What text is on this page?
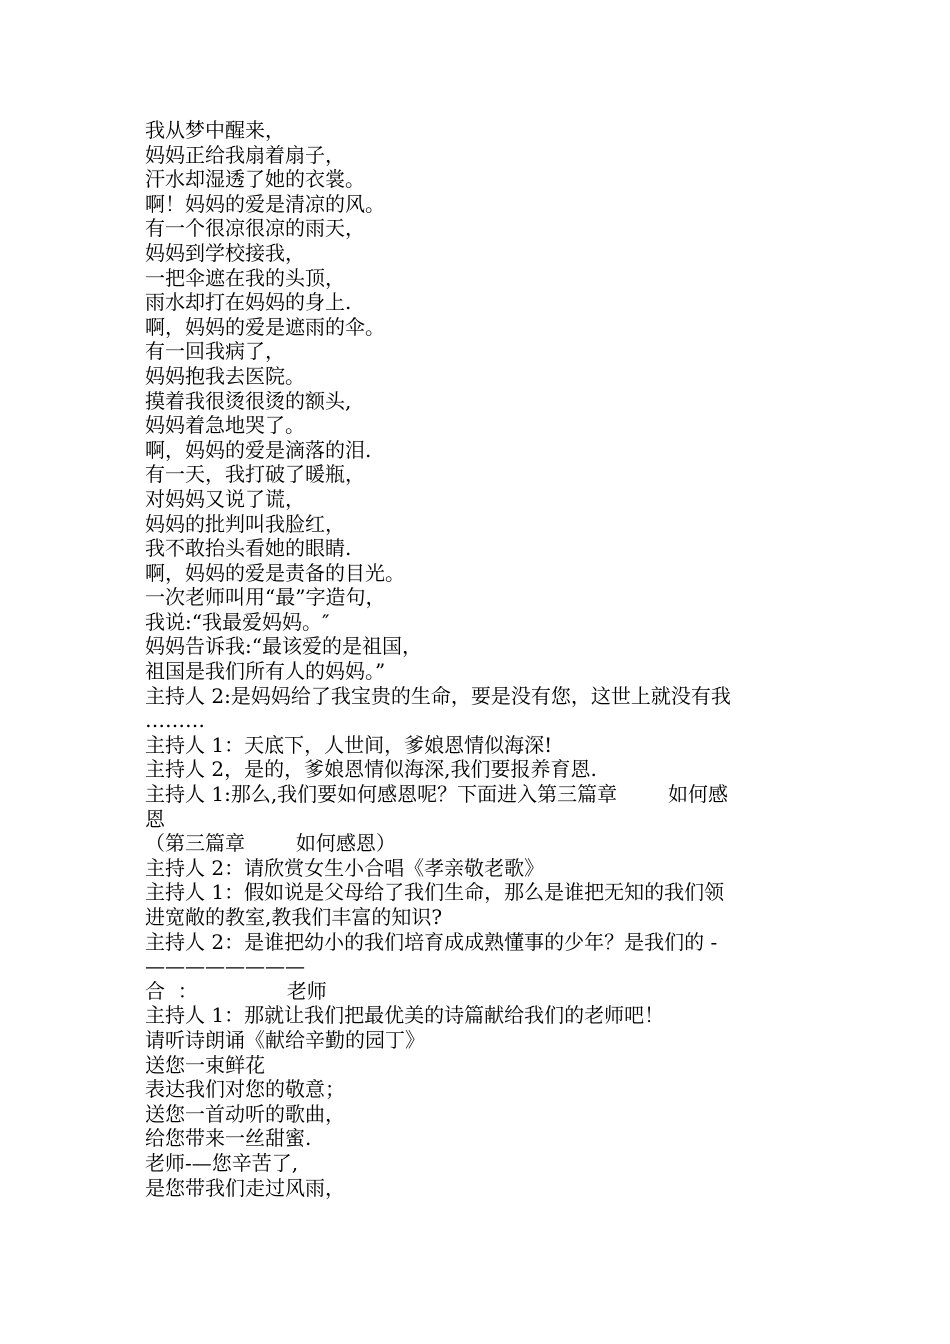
我从梦中醒来，
妈妈正给我扇着扇子，
汗水却湿透了她的衣裳。
啊！妈妈的爱是清凉的风。
有一个很凉很凉的雨天，
妈妈到学校接我，
一把伞遮在我的头顶，
雨水却打在妈妈的身上.
啊，妈妈的爱是遮雨的伞。
有一回我病了，
妈妈抱我去医院。
摸着我很烫很烫的额头,
妈妈着急地哭了。
啊，妈妈的爱是滴落的泪.
有一天，我打破了暖瓶，
对妈妈又说了谎，
妈妈的批判叫我脸红，
我不敢抬头看她的眼睛.
啊，妈妈的爱是责备的目光。
一次老师叫用“最”字造句，
我说:“我最爱妈妈。″
妈妈告诉我:“最该爱的是祖国，
祖国是我们所有人的妈妈。”
主持人 2:是妈妈给了我宝贵的生命，要是没有您，这世上就没有我
………
主持人 1：天底下，人世间，爹娘恩情似海深!
主持人 2，是的，爹娘恩情似海深,我们要报养育恩.
主持人 1:那么,我们要如何感恩呢？下面进入第三篇章        如何感
恩
（第三篇章        如何感恩）
主持人 2：请欣赏女生小合唱《孝亲敬老歌》
主持人 1：假如说是父母给了我们生命，那么是谁把无知的我们领
进宽敞的教室,教我们丰富的知识?
主持人 2：是谁把幼小的我们培育成成熟懂事的少年？是我们的 -
————————
合  ：              老师
主持人 1：那就让我们把最优美的诗篇献给我们的老师吧！
请听诗朗诵《献给辛勤的园丁》
送您一束鲜花
表达我们对您的敬意；
送您一首动听的歌曲，
给您带来一丝甜蜜.
老师-—您辛苦了,
是您带我们走过风雨，
